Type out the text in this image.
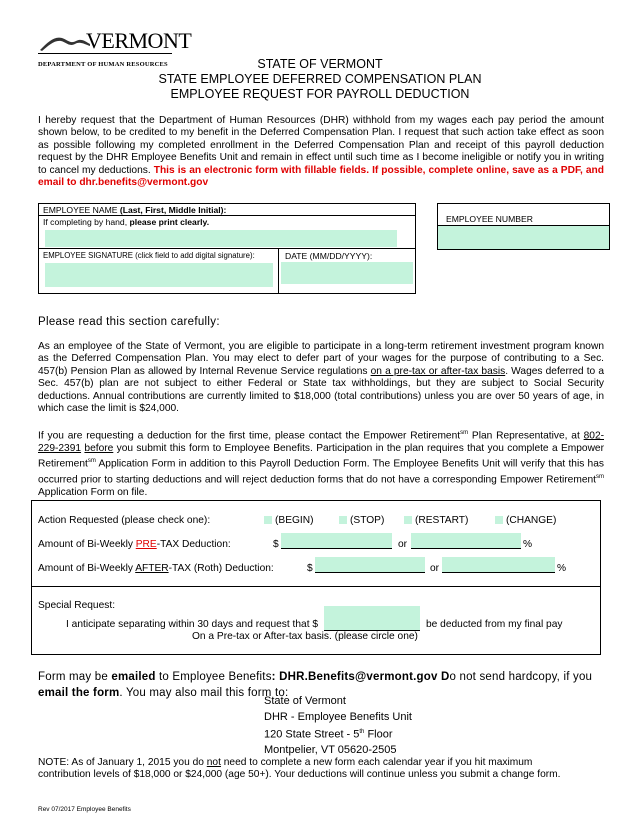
VERMONT
DEPARTMENT OF HUMAN RESOURCES	STATE OF VERMONT
STATE EMPLOYEE DEFERRED COMPENSATION PLAN
EMPLOYEE REQUEST FOR PAYROLL DEDUCTION
I hereby request that the Department of Human Resources (DHR) withhold from my wages each pay period the amount shown below, to be credited to my benefit in the Deferred Compensation Plan. I request that such action take effect as soon as possible following my completed enrollment in the Deferred Compensation Plan and receipt of this payroll deduction request by the DHR Employee Benefits Unit and remain in effect until such time as I become ineligible or notify you in writing to cancel my deductions. This is an electronic form with fillable fields. If possible, complete online, save as a PDF, and email to dhr.benefits@vermont.gov
EMPLOYEE NAME (Last, First, Middle Initial):
If completing by hand, please print clearly.
EMPLOYEE SIGNATURE (click field to add digital signature):	DATE (MM/DD/YYYY):
EMPLOYEE NUMBER
Please read this section carefully:
As an employee of the State of Vermont, you are eligible to participate in a long-term retirement investment program known as the Deferred Compensation Plan. You may elect to defer part of your wages for the purpose of contributing to a Sec. 457(b) Pension Plan as allowed by Internal Revenue Service regulations on a pre-tax or after-tax basis. Wages deferred to a Sec. 457(b) plan are not subject to either Federal or State tax withholdings, but they are subject to Social Security deductions. Annual contributions are currently limited to $18,000 (total contributions) unless you are over 50 years of age, in which case the limit is $24,000.
If you are requesting a deduction for the first time, please contact the Empower Retirement$^{sm}$ Plan Representative, at 802-229-2391 before you submit this form to Employee Benefits. Participation in the plan requires that you complete a Empower Retirement$^{sm}$ Application Form in addition to this Payroll Deduction Form. The Employee Benefits Unit will verify that this has occurred prior to starting deductions and will reject deduction forms that do not have a corresponding Empower Retirement$^{sm}$ Application Form on file.
Action Requested (please check one):	(BEGIN)	(STOP)	(RESTART)	(CHANGE)
Amount of Bi-Weekly PRE-TAX Deduction:	$	or	%
Amount of Bi-Weekly AFTER-TAX (Roth) Deduction:	$	or	%
Special Request:
I anticipate separating within 30 days and request that $	be deducted from my final pay
On a Pre-tax or After-tax basis. (please circle one)
Form may be emailed to Employee Benefits: DHR.Benefits@vermont.gov Do not send hardcopy, if you email the form. You may also mail this form to:
State of Vermont
DHR - Employee Benefits Unit
120 State Street - 5th Floor
Montpelier, VT 05620-2505
NOTE: As of January 1, 2015 you do not need to complete a new form each calendar year if you hit maximum contribution levels of $18,000 or $24,000 (age 50+). Your deductions will continue unless you submit a change form.
Rev 07/2017 Employee Benefits
